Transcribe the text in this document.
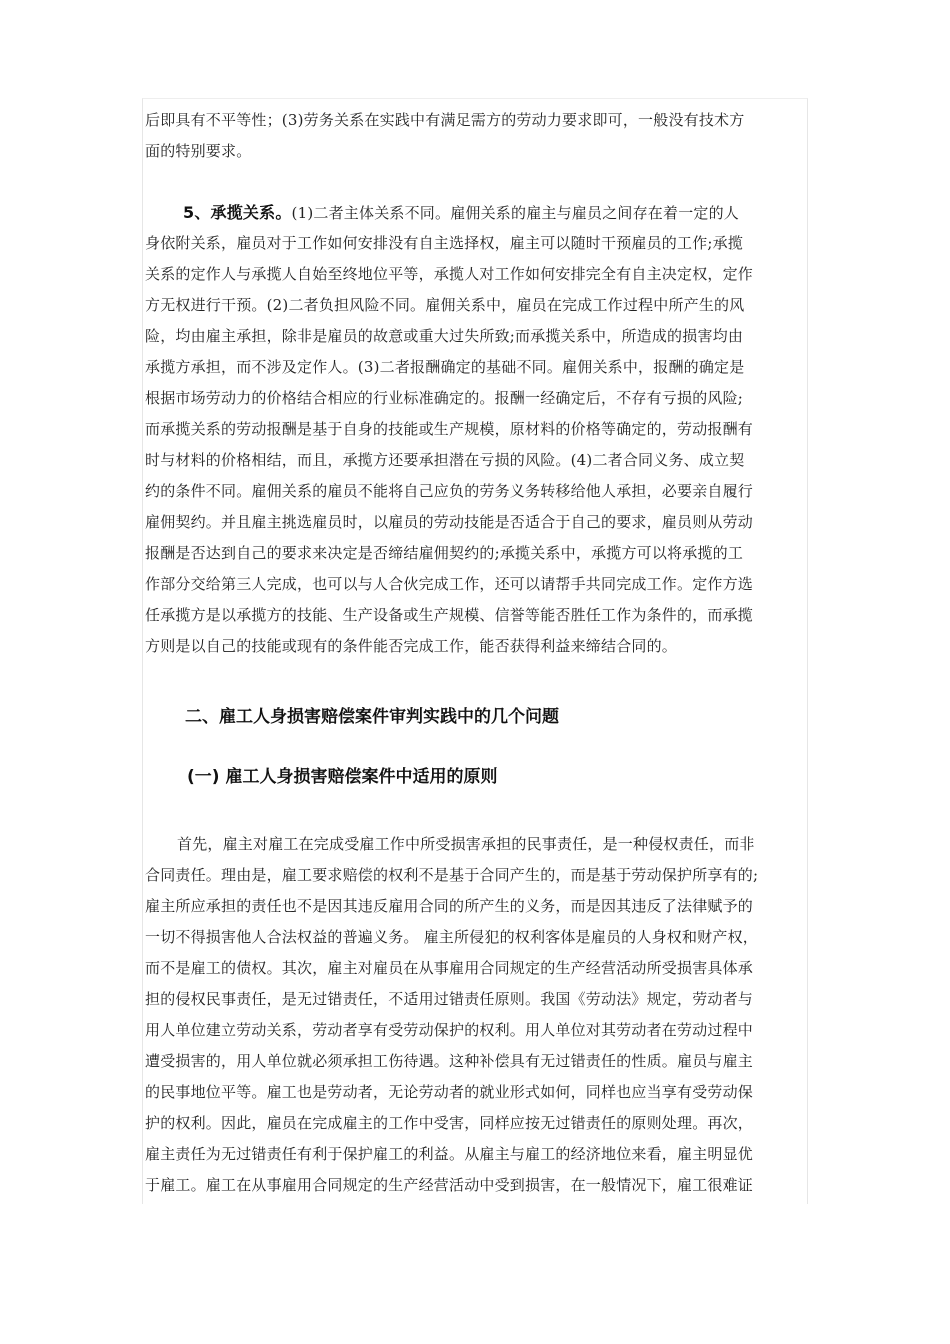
后即具有不平等性；(3)劳务关系在实践中有满足需方的劳动力要求即可，一般没有技术方
面的特别要求。
5、承揽关系。(1)二者主体关系不同。雇佣关系的雇主与雇员之间存在着一定的人
身依附关系，雇员对于工作如何安排没有自主选择权，雇主可以随时干预雇员的工作;承揽
关系的定作人与承揽人自始至终地位平等，承揽人对工作如何安排完全有自主决定权，定作
方无权进行干预。(2)二者负担风险不同。雇佣关系中，雇员在完成工作过程中所产生的风
险，均由雇主承担，除非是雇员的故意或重大过失所致;而承揽关系中，所造成的损害均由
承揽方承担，而不涉及定作人。(3)二者报酬确定的基础不同。雇佣关系中，报酬的确定是
根据市场劳动力的价格结合相应的行业标准确定的。报酬一经确定后，不存有亏损的风险;
而承揽关系的劳动报酬是基于自身的技能或生产规模，原材料的价格等确定的，劳动报酬有
时与材料的价格相结，而且，承揽方还要承担潜在亏损的风险。(4)二者合同义务、成立契
约的条件不同。雇佣关系的雇员不能将自己应负的劳务义务转移给他人承担，必要亲自履行
雇佣契约。并且雇主挑选雇员时，以雇员的劳动技能是否适合于自己的要求，雇员则从劳动
报酬是否达到自己的要求来决定是否缔结雇佣契约的;承揽关系中，承揽方可以将承揽的工
作部分交给第三人完成，也可以与人合伙完成工作，还可以请帮手共同完成工作。定作方选
任承揽方是以承揽方的技能、生产设备或生产规模、信誉等能否胜任工作为条件的，而承揽
方则是以自己的技能或现有的条件能否完成工作，能否获得利益来缔结合同的。
二、雇工人身损害赔偿案件审判实践中的几个问题
(一) 雇工人身损害赔偿案件中适用的原则
首先，雇主对雇工在完成受雇工作中所受损害承担的民事责任，是一种侵权责任，而非
合同责任。理由是，雇工要求赔偿的权利不是基于合同产生的，而是基于劳动保护所享有的;
雇主所应承担的责任也不是因其违反雇用合同的所产生的义务，而是因其违反了法律赋予的
一切不得损害他人合法权益的普遍义务。 雇主所侵犯的权利客体是雇员的人身权和财产权，
而不是雇工的债权。其次，雇主对雇员在从事雇用合同规定的生产经营活动所受损害具体承
担的侵权民事责任，是无过错责任，不适用过错责任原则。我国《劳动法》规定，劳动者与
用人单位建立劳动关系，劳动者享有受劳动保护的权利。用人单位对其劳动者在劳动过程中
遭受损害的，用人单位就必须承担工伤待遇。这种补偿具有无过错责任的性质。雇员与雇主
的民事地位平等。雇工也是劳动者，无论劳动者的就业形式如何，同样也应当享有受劳动保
护的权利。因此，雇员在完成雇主的工作中受害，同样应按无过错责任的原则处理。再次，
雇主责任为无过错责任有利于保护雇工的利益。从雇主与雇工的经济地位来看，雇主明显优
于雇工。雇工在从事雇用合同规定的生产经营活动中受到损害，在一般情况下，雇工很难证
